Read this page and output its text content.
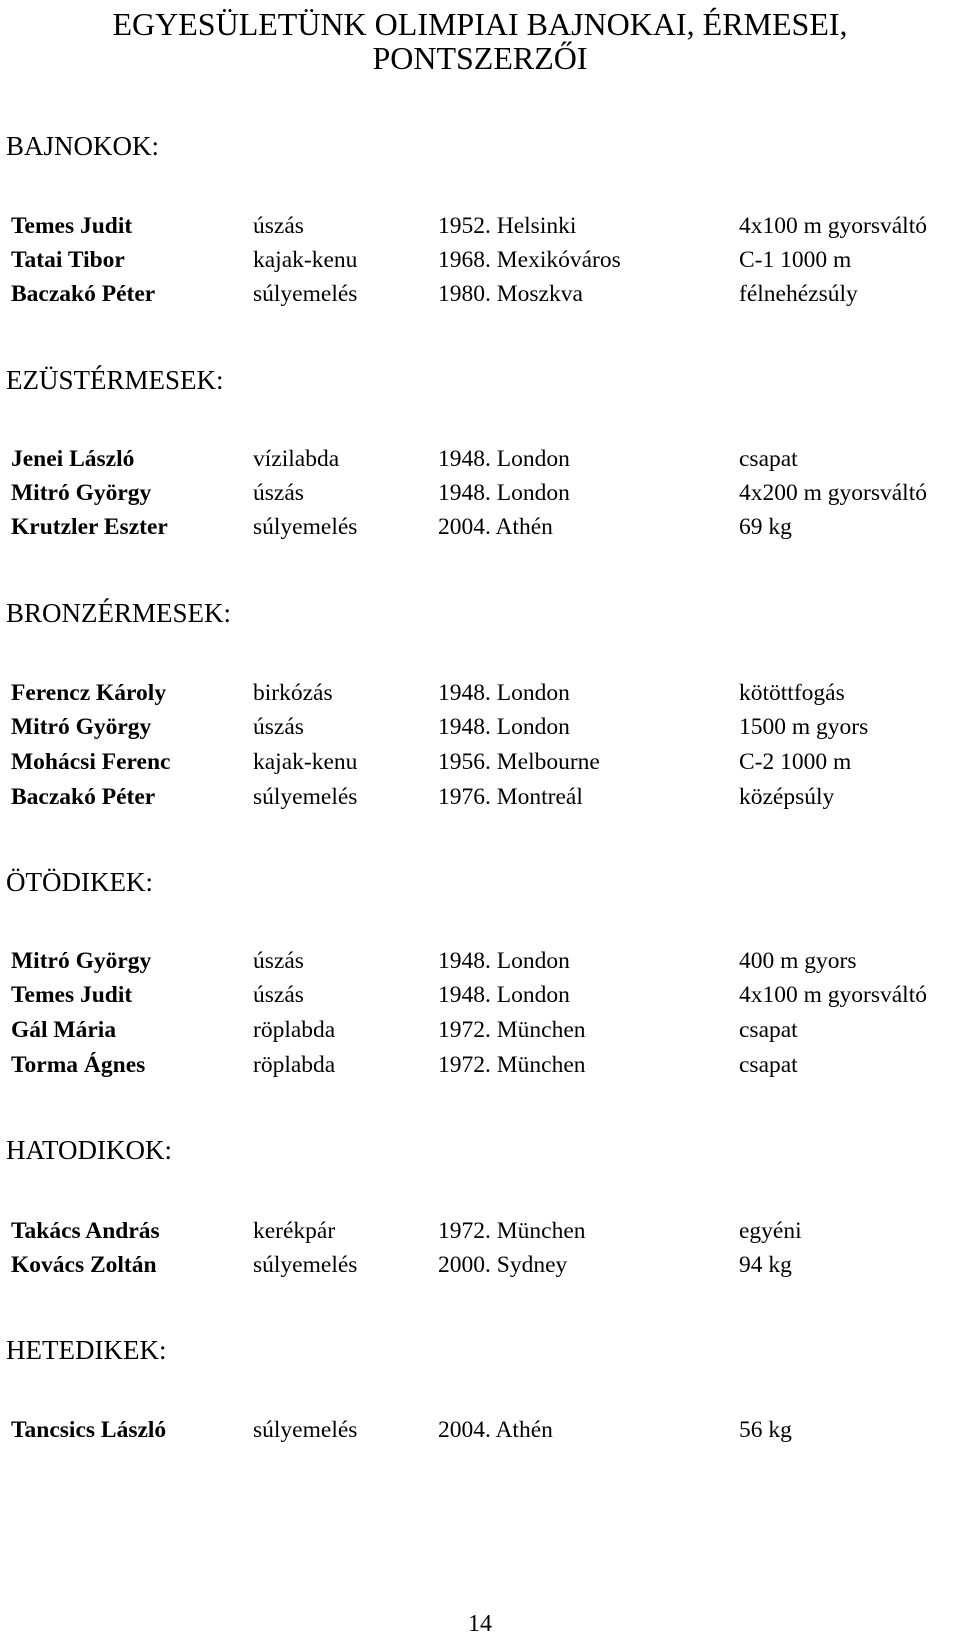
EGYESÜLETÜNK OLIMPIAI BAJNOKAI, ÉRMESEI,
PONTSZERZŐI
BAJNOKOK:
Temes Judit	úszás	1952. Helsinki	4x100 m gyorsváltó
Tatai Tibor	kajak-kenu	1968. Mexikóváros	C-1 1000 m
Baczakó Péter	súlyemelés	1980. Moszkva	félnehézsúly
EZÜSTÉRMESEK:
Jenei László	vízilabda	1948. London	csapat
Mitró György	úszás	1948. London	4x200 m gyorsváltó
Krutzler Eszter	súlyemelés	2004. Athén	69 kg
BRONZÉRMESEK:
Ferencz Károly	birkózás	1948. London	kötöttfogás
Mitró György	úszás	1948. London	1500 m gyors
Mohácsi Ferenc	kajak-kenu	1956. Melbourne	C-2 1000 m
Baczakó Péter	súlyemelés	1976. Montreál	középsúly
ÖTÖDIKEK:
Mitró György	úszás	1948. London	400 m gyors
Temes Judit	úszás	1948. London	4x100 m gyorsváltó
Gál Mária	röplabda	1972. München	csapat
Torma Ágnes	röplabda	1972. München	csapat
HATODIKOK:
Takács András	kerékpár	1972. München	egyéni
Kovács Zoltán	súlyemelés	2000. Sydney	94 kg
HETEDIKEK:
Tancsics László	súlyemelés	2004. Athén	56 kg
14
